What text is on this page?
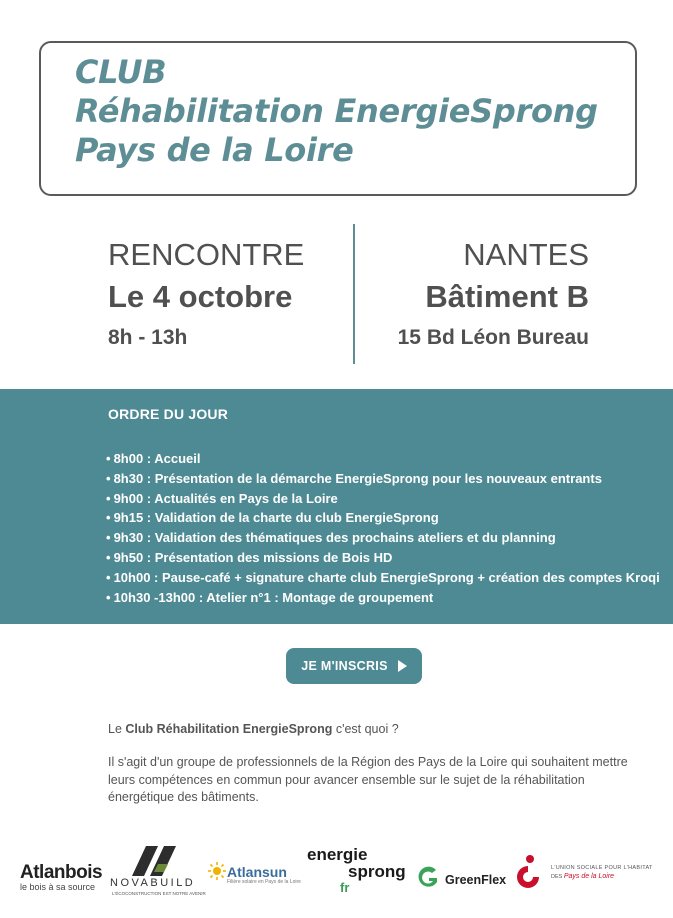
CLUB
Réhabilitation EnergieSprong
Pays de la Loire
RENCONTRE
Le 4 octobre
8h - 13h
NANTES
Bâtiment B
15 Bd Léon Bureau
ORDRE DU JOUR
• 8h00 : Accueil
• 8h30 : Présentation de la démarche EnergieSprong pour les nouveaux entrants
• 9h00 : Actualités en Pays de la Loire
• 9h15 : Validation de la charte du club EnergieSprong
• 9h30 : Validation des thématiques des prochains ateliers et du planning
• 9h50 : Présentation des missions de Bois HD
• 10h00 : Pause-café + signature charte club EnergieSprong + création des comptes Kroqi
• 10h30 -13h00 : Atelier n°1 : Montage de groupement
JE M'INSCRIS
Le Club Réhabilitation EnergieSprong c'est quoi ?

Il s'agit d'un groupe de professionnels de la Région des Pays de la Loire qui souhaitent mettre leurs compétences en commun pour avancer ensemble sur le sujet de la réhabilitation énergétique des bâtiments.

Atlanbois
le bois à sa source NOVABUILD
L'ÉCOCONSTRUCTION EST NOTRE AVENIR
Atlansun
Filière solaire en Pays de la Loire
energie
sprong
fr	GreenFlex
L'UNION SOCIALE POUR L'HABITAT
DES Pays de la Loire
